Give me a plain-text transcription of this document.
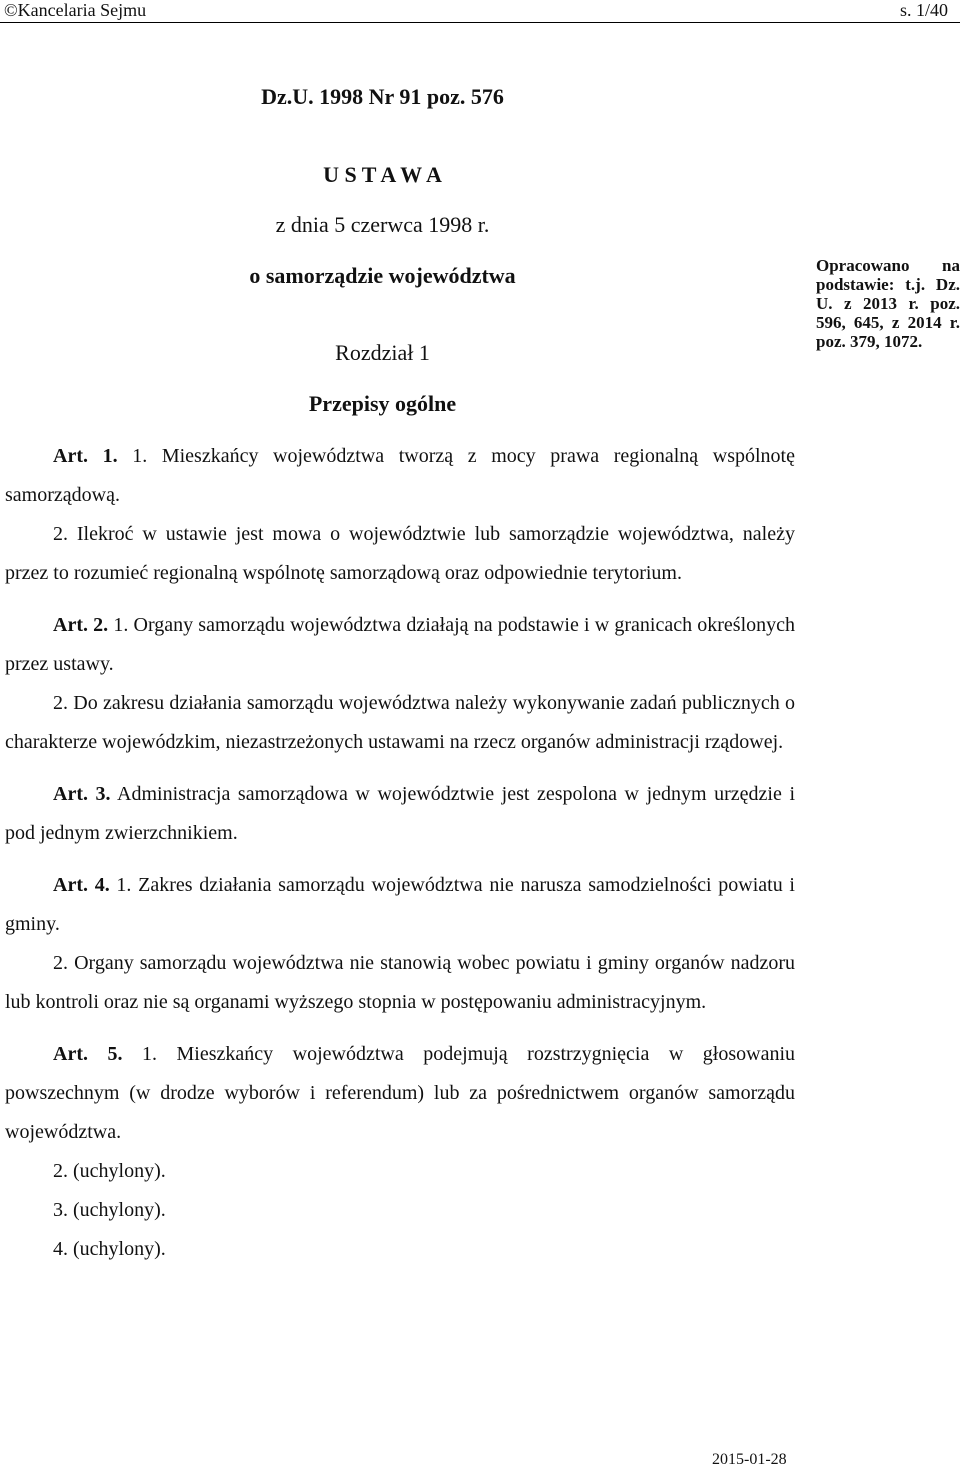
©Kancelaria Sejmu	s. 1/40
Dz.U. 1998 Nr 91 poz. 576
U S T A W A
z dnia 5 czerwca 1998 r.
o samorządzie województwa
Rozdział 1
Przepisy ogólne
Opracowano na podstawie: t.j. Dz. U. z 2013 r. poz. 596, 645, z 2014 r. poz. 379, 1072.

Art. 1. 1. Mieszkańcy województwa tworzą z mocy prawa regionalną wspólnotę samorządową.

2. Ilekroć w ustawie jest mowa o województwie lub samorządzie województwa, należy przez to rozumieć regionalną wspólnotę samorządową oraz odpowiednie terytorium.

Art. 2. 1. Organy samorządu województwa działają na podstawie i w granicach określonych przez ustawy.

2. Do zakresu działania samorządu województwa należy wykonywanie zadań publicznych o charakterze wojewódzkim, niezastrzeżonych ustawami na rzecz organów administracji rządowej.

Art. 3. Administracja samorządowa w województwie jest zespolona w jednym urzędzie i pod jednym zwierzchnikiem.

Art. 4. 1. Zakres działania samorządu województwa nie narusza samodzielności powiatu i gminy.

2. Organy samorządu województwa nie stanowią wobec powiatu i gminy organów nadzoru lub kontroli oraz nie są organami wyższego stopnia w postępowaniu administracyjnym.

Art. 5. 1. Mieszkańcy województwa podejmują rozstrzygnięcia w głosowaniu powszechnym (w drodze wyborów i referendum) lub za pośrednictwem organów samorządu województwa.

2. (uchylony).

3. (uchylony).

4. (uchylony).

2015-01-28
